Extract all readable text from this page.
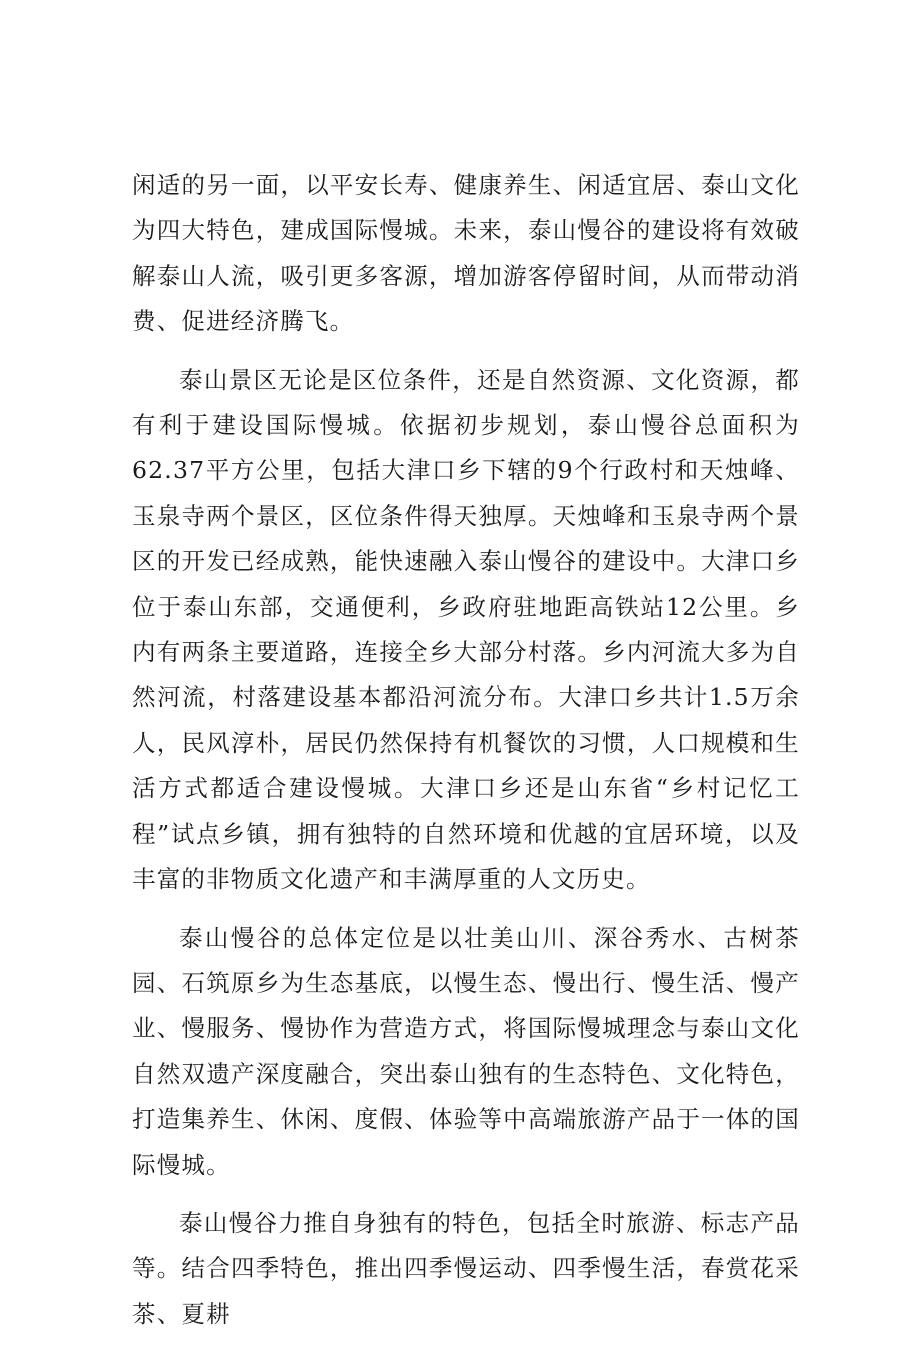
闲适的另一面，以平安长寿、健康养生、闲适宜居、泰山文化为四大特色，建成国际慢城。未来，泰山慢谷的建设将有效破解泰山人流，吸引更多客源，增加游客停留时间，从而带动消费、促进经济腾飞。

泰山景区无论是区位条件，还是自然资源、文化资源，都有利于建设国际慢城。依据初步规划，泰山慢谷总面积为62.37平方公里，包括大津口乡下辖的9个行政村和天烛峰、玉泉寺两个景区，区位条件得天独厚。天烛峰和玉泉寺两个景区的开发已经成熟，能快速融入泰山慢谷的建设中。大津口乡位于泰山东部，交通便利，乡政府驻地距高铁站12公里。乡内有两条主要道路，连接全乡大部分村落。乡内河流大多为自然河流，村落建设基本都沿河流分布。大津口乡共计1.5万余人，民风淳朴，居民仍然保持有机餐饮的习惯，人口规模和生活方式都适合建设慢城。大津口乡还是山东省“乡村记忆工程”试点乡镇，拥有独特的自然环境和优越的宜居环境，以及丰富的非物质文化遗产和丰满厚重的人文历史。

泰山慢谷的总体定位是以壮美山川、深谷秀水、古树茶园、石筑原乡为生态基底，以慢生态、慢出行、慢生活、慢产业、慢服务、慢协作为营造方式，将国际慢城理念与泰山文化自然双遗产深度融合，突出泰山独有的生态特色、文化特色，打造集养生、休闲、度假、体验等中高端旅游产品于一体的国际慢城。

泰山慢谷力推自身独有的特色，包括全时旅游、标志产品等。结合四季特色，推出四季慢运动、四季慢生活，春赏花采茶、夏耕
